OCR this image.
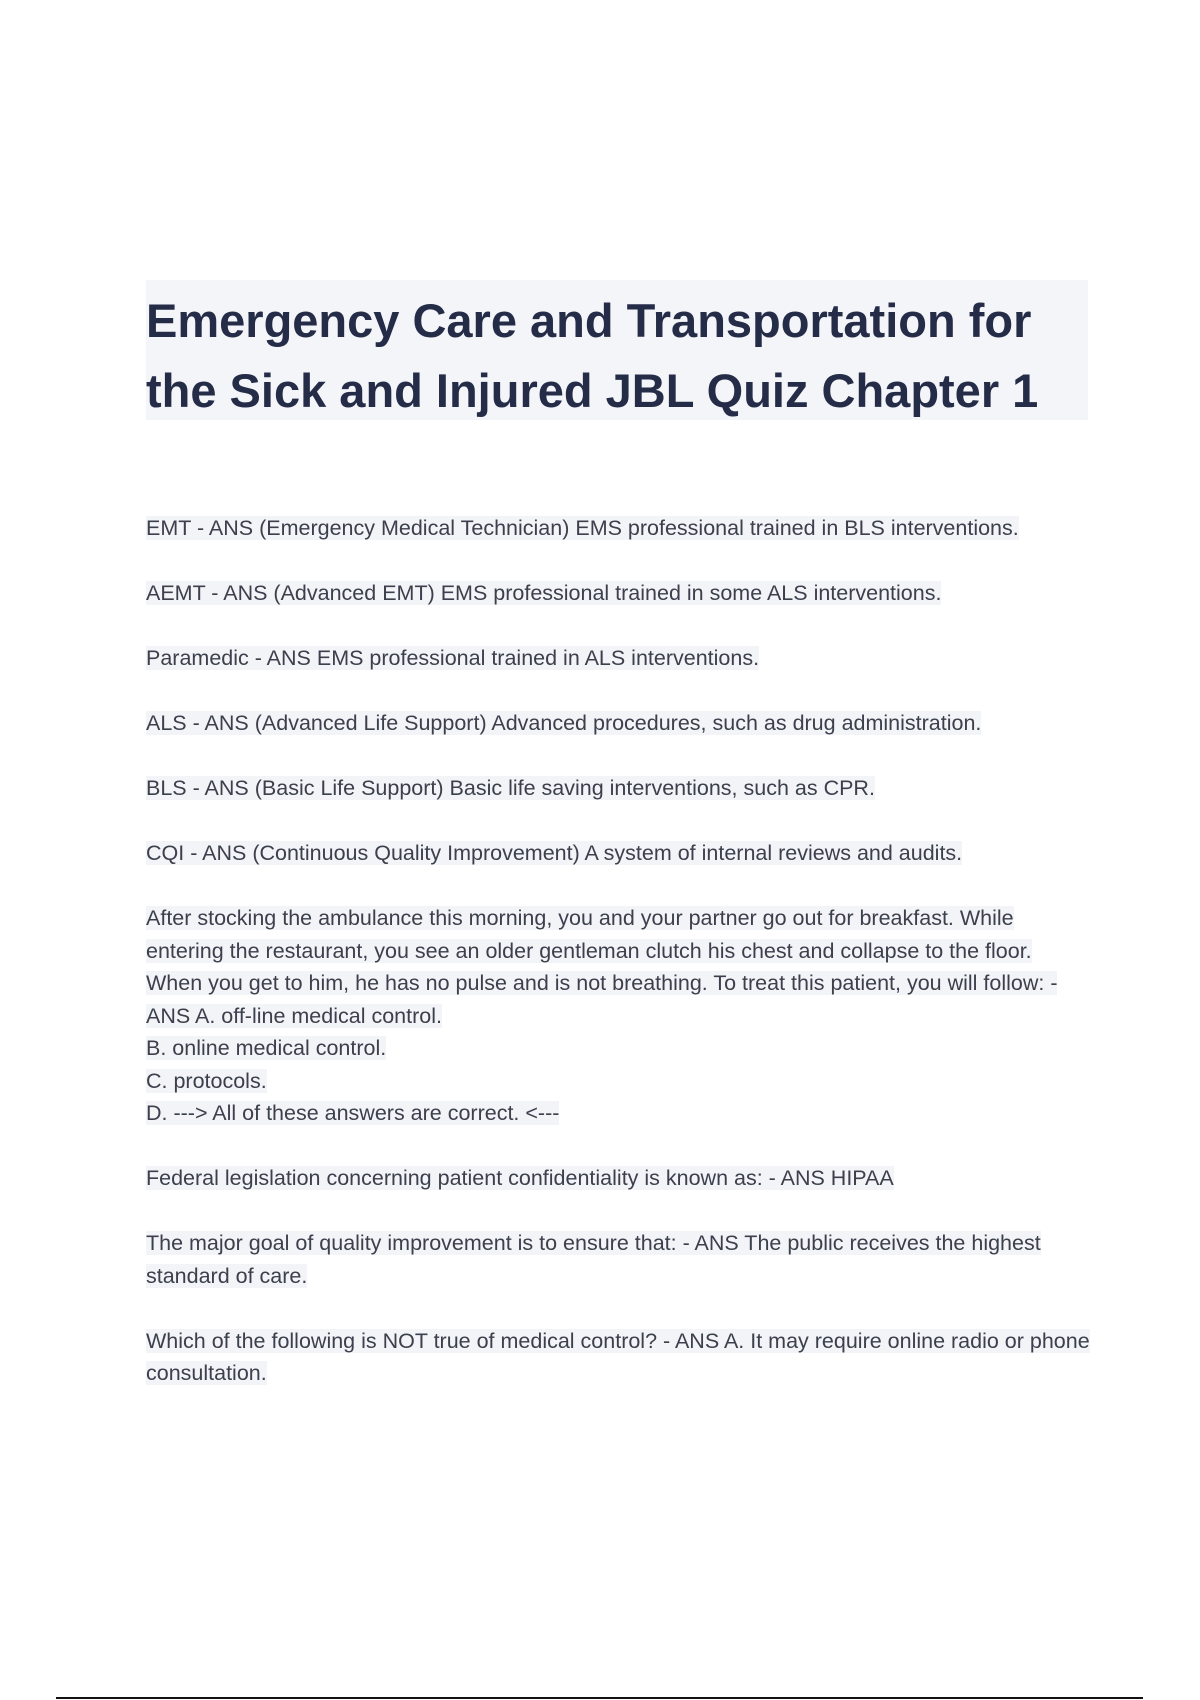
Emergency Care and Transportation for the Sick and Injured JBL Quiz Chapter 1

EMT - ANS (Emergency Medical Technician) EMS professional trained in BLS interventions.

AEMT - ANS (Advanced EMT) EMS professional trained in some ALS interventions.

Paramedic - ANS EMS professional trained in ALS interventions.

ALS - ANS (Advanced Life Support) Advanced procedures, such as drug administration.

BLS - ANS (Basic Life Support) Basic life saving interventions, such as CPR.

CQI - ANS (Continuous Quality Improvement) A system of internal reviews and audits.

After stocking the ambulance this morning, you and your partner go out for breakfast. While entering the restaurant, you see an older gentleman clutch his chest and collapse to the floor. When you get to him, he has no pulse and is not breathing. To treat this patient, you will follow: - ANS A. off-line medical control.
B. online medical control.
C. protocols.
D. ---> All of these answers are correct. <---

Federal legislation concerning patient confidentiality is known as: - ANS HIPAA

The major goal of quality improvement is to ensure that: - ANS The public receives the highest standard of care.

Which of the following is NOT true of medical control? - ANS A. It may require online radio or phone consultation.
